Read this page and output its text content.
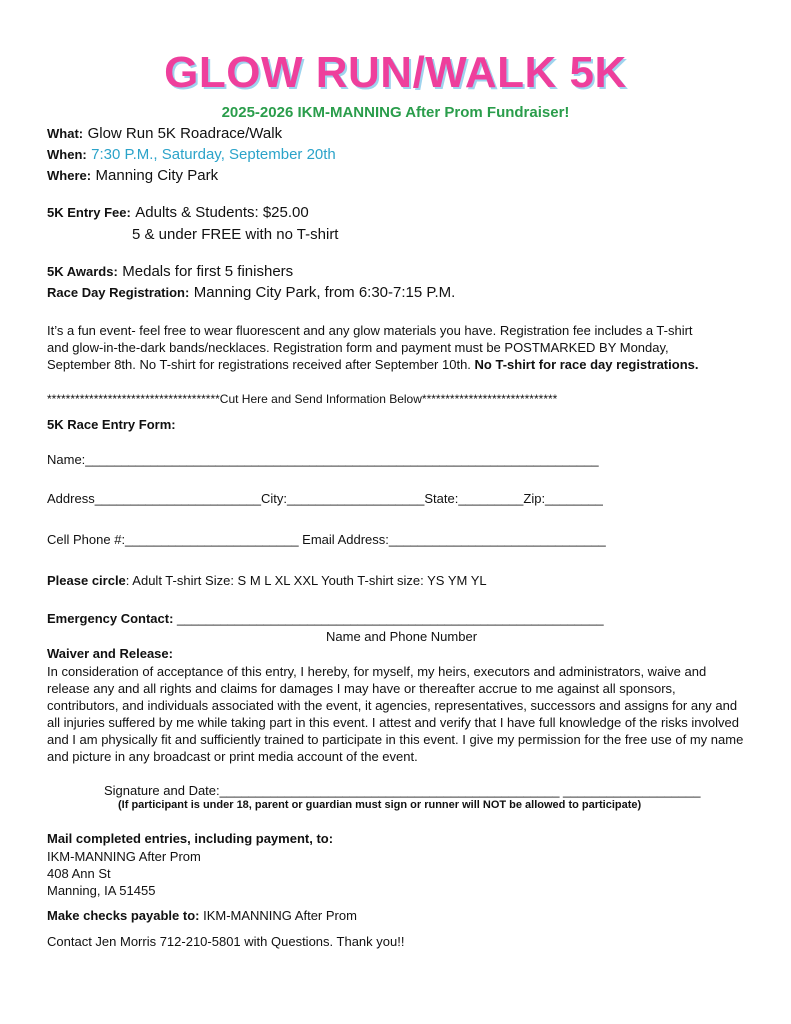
GLOW RUN/WALK 5K
2025-2026 IKM-MANNING After Prom Fundraiser!
What: Glow Run 5K Roadrace/Walk
When: 7:30 P.M., Saturday, September 20th
Where: Manning City Park
5K Entry Fee: Adults & Students: $25.00
5 & under FREE with no T-shirt
5K Awards: Medals for first 5 finishers
Race Day Registration: Manning City Park, from 6:30-7:15 P.M.
It’s a fun event- feel free to wear fluorescent and any glow materials you have. Registration fee includes a T-shirt and glow-in-the-dark bands/necklaces. Registration form and payment must be POSTMARKED BY Monday, September 8th. No T-shirt for registrations received after September 10th. No T-shirt for race day registrations.
*************************************Cut Here and Send Information Below*****************************
5K Race Entry Form:
Name:_______________________________________________________________________
Address_______________________City:___________________State:_________Zip:________
Cell Phone #:________________________ Email Address:______________________________
Please circle: Adult T-shirt Size: S M L XL XXL Youth T-shirt size: YS YM YL
Emergency Contact: ___________________________________________________________
Name and Phone Number
Waiver and Release:
In consideration of acceptance of this entry, I hereby, for myself, my heirs, executors and administrators, waive and release any and all rights and claims for damages I may have or thereafter accrue to me against all sponsors, contributors, and individuals associated with the event, it agencies, representatives, successors and assigns for any and all injuries suffered by me while taking part in this event. I attest and verify that I have full knowledge of the risks involved and I am physically fit and sufficiently trained to participate in this event. I give my permission for the free use of my name and picture in any broadcast or print media account of the event.
Signature and Date:_______________________________________________ ___________________
(If participant is under 18, parent or guardian must sign or runner will NOT be allowed to participate)
Mail completed entries, including payment, to:
IKM-MANNING After Prom
408 Ann St
Manning, IA 51455
Make checks payable to: IKM-MANNING After Prom
Contact Jen Morris 712-210-5801 with Questions. Thank you!!
